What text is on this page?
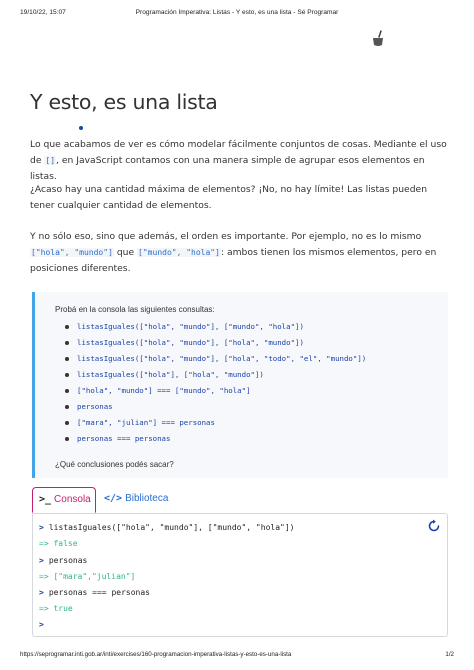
19/10/22, 15:07	Programación Imperativa: Listas - Y esto, es una lista - Sé Programar
Y esto, es una lista
Lo que acabamos de ver es cómo modelar fácilmente conjuntos de cosas. Mediante el uso de [], en JavaScript contamos con una manera simple de agrupar esos elementos en listas.
¿Acaso hay una cantidad máxima de elementos? ¡No, no hay límite! Las listas pueden tener cualquier cantidad de elementos.
Y no sólo eso, sino que además, el orden es importante. Por ejemplo, no es lo mismo ["hola", "mundo"] que ["mundo", "hola"]: ambos tienen los mismos elementos, pero en posiciones diferentes.
Probá en la consola las siguientes consultas:
listasIguales(["hola", "mundo"], ["mundo", "hola"])
listasIguales(["hola", "mundo"], ["hola", "mundo"])
listasIguales(["hola", "mundo"], ["hola", "todo", "el", "mundo"])
listasIguales(["hola"], ["hola", "mundo"])
["hola", "mundo"] === ["mundo", "hola"]
personas
["mara", "julian"] === personas
personas === personas
¿Qué conclusiones podés sacar?
>_ Consola	</> Biblioteca
> listasIguales(["hola", "mundo"], ["mundo", "hola"])
=> false
> personas
=> ["mara","julian"]
> personas === personas
=> true
>
https://seprogramar.inti.gob.ar/inti/exercises/160-programacion-imperativa-listas-y-esto-es-una-lista	1/2
